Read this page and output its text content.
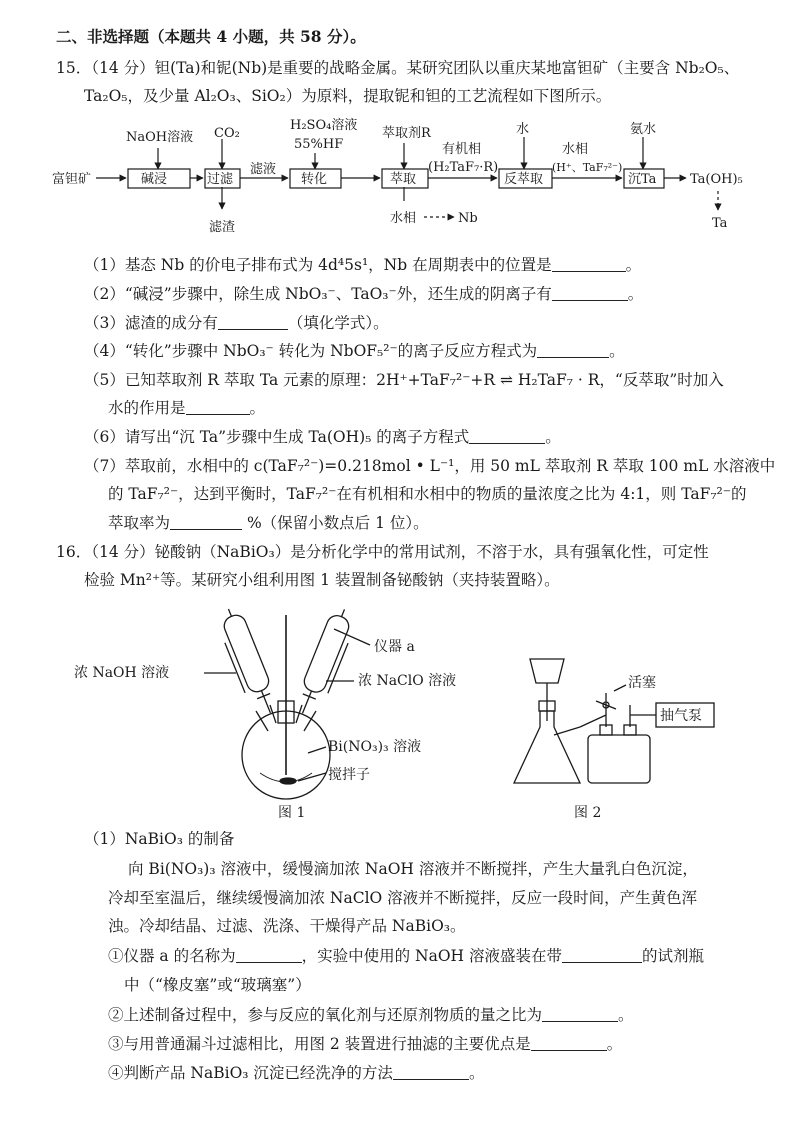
二、非选择题（本题共 4 小题，共 58 分）。
15．（14 分）钽(Ta)和铌(Nb)是重要的战略金属。某研究团队以重庆某地富钽矿（主要含 Nb₂O₅、
Ta₂O₅，及少量 Al₂O₃、SiO₂）为原料，提取铌和钽的工艺流程如下图所示。
富钽矿
NaOH溶液 CO₂
H₂SO₄溶液
55%HF
萃取剂R	水	氨水
碱浸	过滤
滤液
转化	萃取	反萃取	沉Ta
滤渣
有机相
(H₂TaF₇·R)
水相
(H⁺、TaF₇²⁻)
水相	Nb
Ta(OH)₅
Ta
（1）基态 Nb 的价电子排布式为 4d⁴5s¹，Nb 在周期表中的位置是	。
（2）“碱浸”步骤中，除生成 NbO₃⁻、TaO₃⁻外，还生成的阴离子有	。
（3）滤渣的成分有	（填化学式）。
（4）“转化”步骤中 NbO₃⁻ 转化为 NbOF₅²⁻的离子反应方程式为	。
（5）已知萃取剂 R 萃取 Ta 元素的原理：2H⁺+TaF₇²⁻+R ⇌ H₂TaF₇ · R，“反萃取”时加入
水的作用是	。
（6）请写出“沉 Ta”步骤中生成 Ta(OH)₅ 的离子方程式	。
（7）萃取前，水相中的 c(TaF₇²⁻)=0.218mol • L⁻¹，用 50 mL 萃取剂 R 萃取 100 mL 水溶液中
的 TaF₇²⁻，达到平衡时，TaF₇²⁻在有机相和水相中的物质的量浓度之比为 4:1，则 TaF₇²⁻的
萃取率为	%（保留小数点后 1 位）。
16．（14 分）铋酸钠（NaBiO₃）是分析化学中的常用试剂，不溶于水，具有强氧化性，可定性
检验 Mn²⁺等。某研究小组利用图 1 装置制备铋酸钠（夹持装置略）。
仪器 a
浓 NaOH 溶液	浓 NaClO 溶液
Bi(NO₃)₃ 溶液
搅拌子
图 1
活塞
抽气泵
图 2
（1）NaBiO₃ 的制备
向 Bi(NO₃)₃ 溶液中，缓慢滴加浓 NaOH 溶液并不断搅拌，产生大量乳白色沉淀，
冷却至室温后，继续缓慢滴加浓 NaClO 溶液并不断搅拌，反应一段时间，产生黄色浑
浊。冷却结晶、过滤、洗涤、干燥得产品 NaBiO₃。
①仪器 a 的名称为	，实验中使用的 NaOH 溶液盛装在带	的试剂瓶
中（“橡皮塞”或“玻璃塞”）
②上述制备过程中，参与反应的氧化剂与还原剂物质的量之比为	。
③与用普通漏斗过滤相比，用图 2 装置进行抽滤的主要优点是	。
④判断产品 NaBiO₃ 沉淀已经洗净的方法	。
